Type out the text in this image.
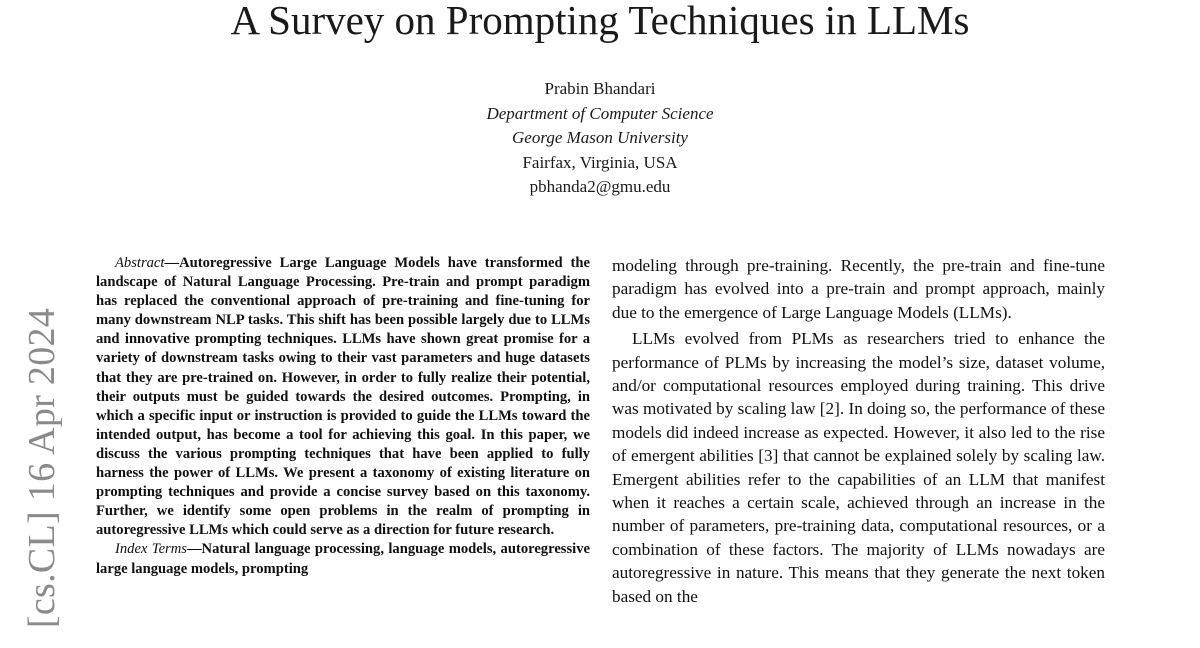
A Survey on Prompting Techniques in LLMs
Prabin Bhandari
Department of Computer Science
George Mason University
Fairfax, Virginia, USA
pbhanda2@gmu.edu
[cs.CL] 16 Apr 2024

Abstract—Autoregressive Large Language Models have transformed the landscape of Natural Language Processing. Pre-train and prompt paradigm has replaced the conventional approach of pre-training and fine-tuning for many downstream NLP tasks. This shift has been possible largely due to LLMs and innovative prompting techniques. LLMs have shown great promise for a variety of downstream tasks owing to their vast parameters and huge datasets that they are pre-trained on. However, in order to fully realize their potential, their outputs must be guided towards the desired outcomes. Prompting, in which a specific input or instruction is provided to guide the LLMs toward the intended output, has become a tool for achieving this goal. In this paper, we discuss the various prompting techniques that have been applied to fully harness the power of LLMs. We present a taxonomy of existing literature on prompting techniques and provide a concise survey based on this taxonomy. Further, we identify some open problems in the realm of prompting in autoregressive LLMs which could serve as a direction for future research.

Index Terms—Natural language processing, language models, autoregressive large language models, prompting

modeling through pre-training. Recently, the pre-train and fine-tune paradigm has evolved into a pre-train and prompt approach, mainly due to the emergence of Large Language Models (LLMs).

LLMs evolved from PLMs as researchers tried to enhance the performance of PLMs by increasing the model’s size, dataset volume, and/or computational resources employed during training. This drive was motivated by scaling law [2]. In doing so, the performance of these models did indeed increase as expected. However, it also led to the rise of emergent abilities [3] that cannot be explained solely by scaling law. Emergent abilities refer to the capabilities of an LLM that manifest when it reaches a certain scale, achieved through an increase in the number of parameters, pre-training data, computational resources, or a combination of these factors. The majority of LLMs nowadays are autoregressive in nature. This means that they generate the next token based on the
